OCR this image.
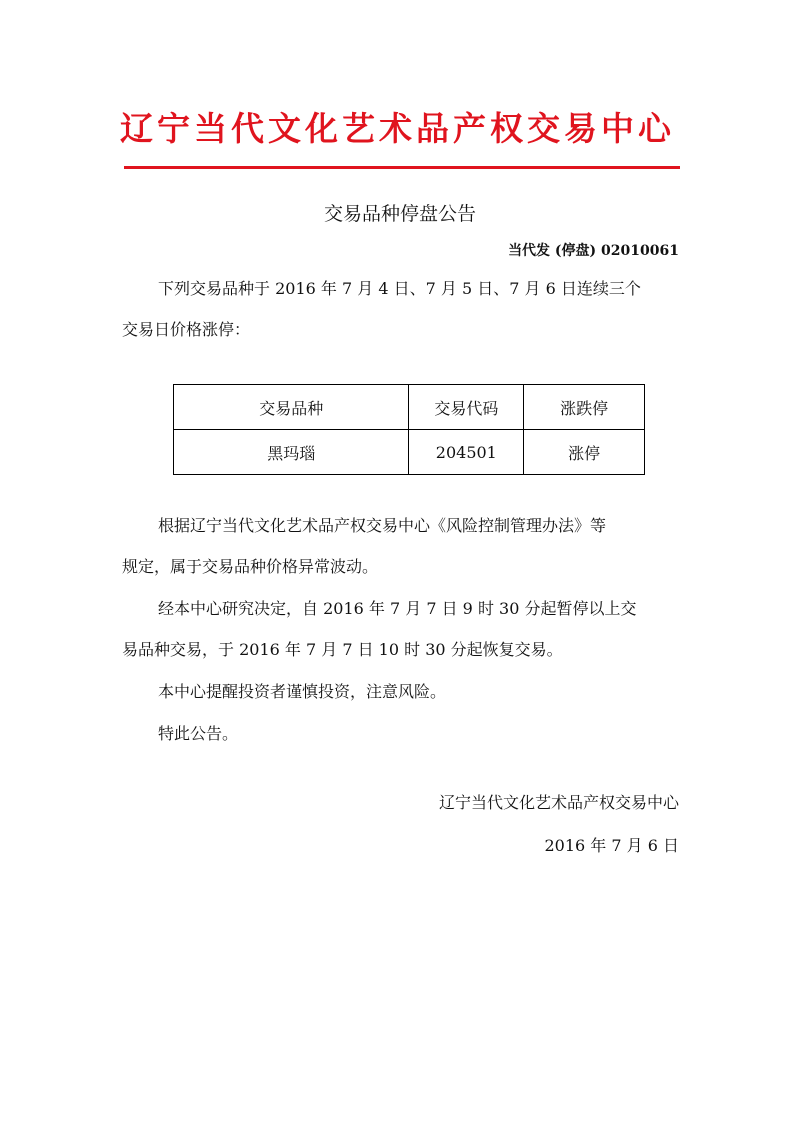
辽宁当代文化艺术品产权交易中心
交易品种停盘公告
当代发 (停盘) 02010061
下列交易品种于 2016 年 7 月 4 日、7 月 5 日、7 月 6 日连续三个
交易日价格涨停：
交易品种	交易代码	涨跌停
黑玛瑙	204501	涨停
根据辽宁当代文化艺术品产权交易中心《风险控制管理办法》等
规定，属于交易品种价格异常波动。
经本中心研究决定，自 2016 年 7 月 7 日 9 时 30 分起暂停以上交
易品种交易，于 2016 年 7 月 7 日 10 时 30 分起恢复交易。
本中心提醒投资者谨慎投资，注意风险。
特此公告。
辽宁当代文化艺术品产权交易中心
2016 年 7 月 6 日
